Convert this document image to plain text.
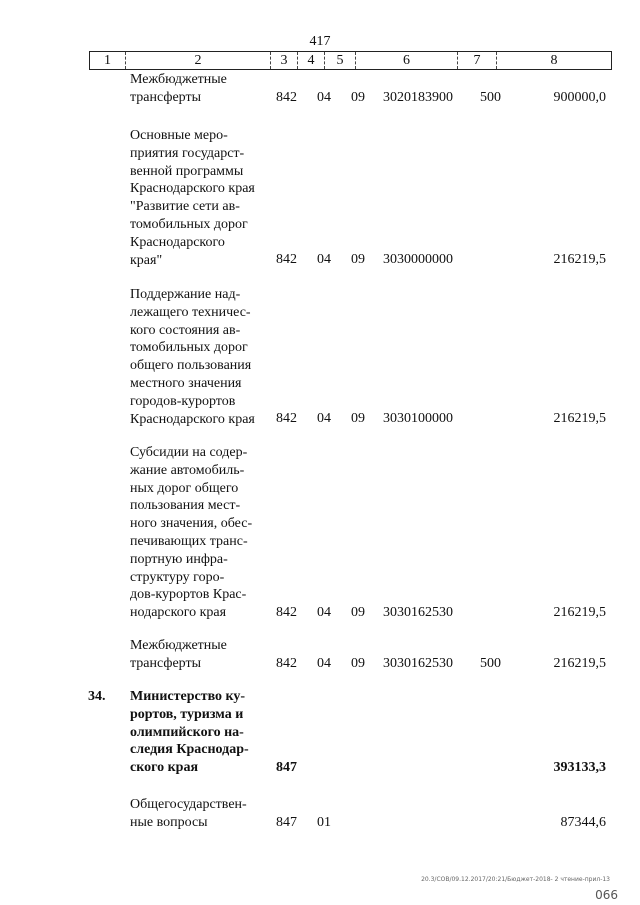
417
1	2	3	4	5	6	7	8
Межбюджетные
трансферты	842 04 09 3020183900 500	900000,0
Основные меро-
приятия государст-
венной программы
Краснодарского края
"Развитие сети ав-
томобильных дорог
Краснодарского
края"	842 04 09 3030000000	216219,5
Поддержание над-
лежащего техничес-
кого состояния ав-
томобильных дорог
общего пользования
местного значения
городов-курортов
Краснодарского края	842 04 09 3030100000	216219,5
Субсидии на содер-
жание автомобиль-
ных дорог общего
пользования мест-
ного значения, обес-
печивающих транс-
портную инфра-
структуру горо-
дов-курортов Крас-
нодарского края	842 04 09 3030162530	216219,5
Межбюджетные
трансферты	842 04 09 3030162530 500	216219,5
34.	Министерство ку-
рортов, туризма и
олимпийского на-
следия Краснодар-
ского края	847	393133,3
Общегосударствен-
ные вопросы	847 01	87344,6
20.3/СОВ/09.12.2017/20:21/Бюджет-2018- 2 чтение-прил-13
066
